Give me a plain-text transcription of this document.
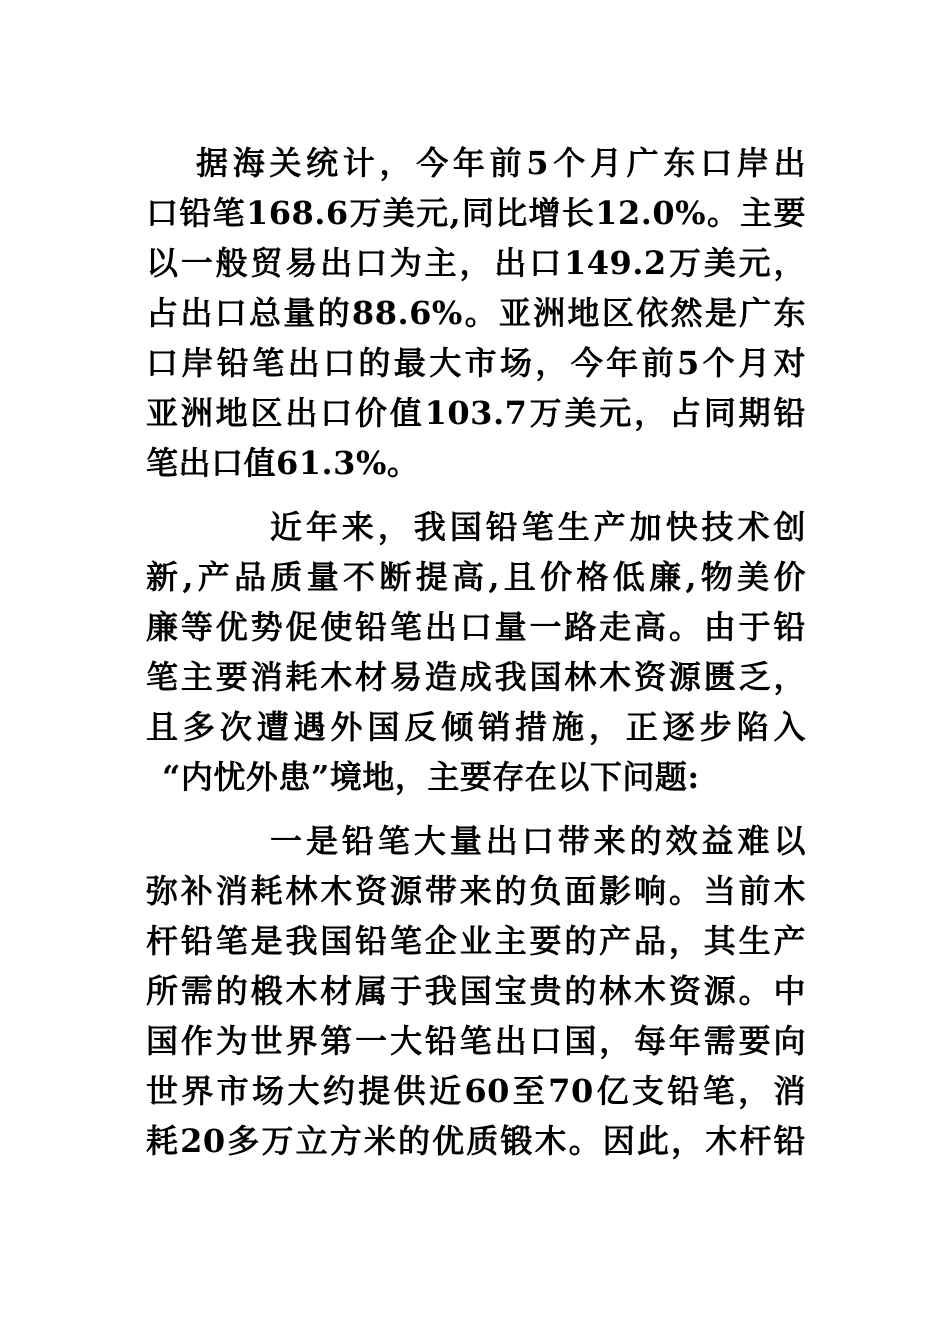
据海关统计，今年前5个月广东口岸出
口铅笔168.6万美元,同比增长12.0%。主要
以一般贸易出口为主，出口149.2万美元，
占出口总量的88.6%。亚洲地区依然是广东
口岸铅笔出口的最大市场，今年前5个月对
亚洲地区出口价值103.7万美元，占同期铅
笔出口值61.3%。
近年来，我国铅笔生产加快技术创
新,产品质量不断提高,且价格低廉,物美价
廉等优势促使铅笔出口量一路走高。由于铅
笔主要消耗木材易造成我国林木资源匮乏，
且多次遭遇外国反倾销措施，正逐步陷入
“内忧外患”境地，主要存在以下问题:
一是铅笔大量出口带来的效益难以
弥补消耗林木资源带来的负面影响。当前木
杆铅笔是我国铅笔企业主要的产品，其生产
所需的椴木材属于我国宝贵的林木资源。中
国作为世界第一大铅笔出口国，每年需要向
世界市场大约提供近60至70亿支铅笔，消
耗20多万立方米的优质锻木。因此，木杆铅
